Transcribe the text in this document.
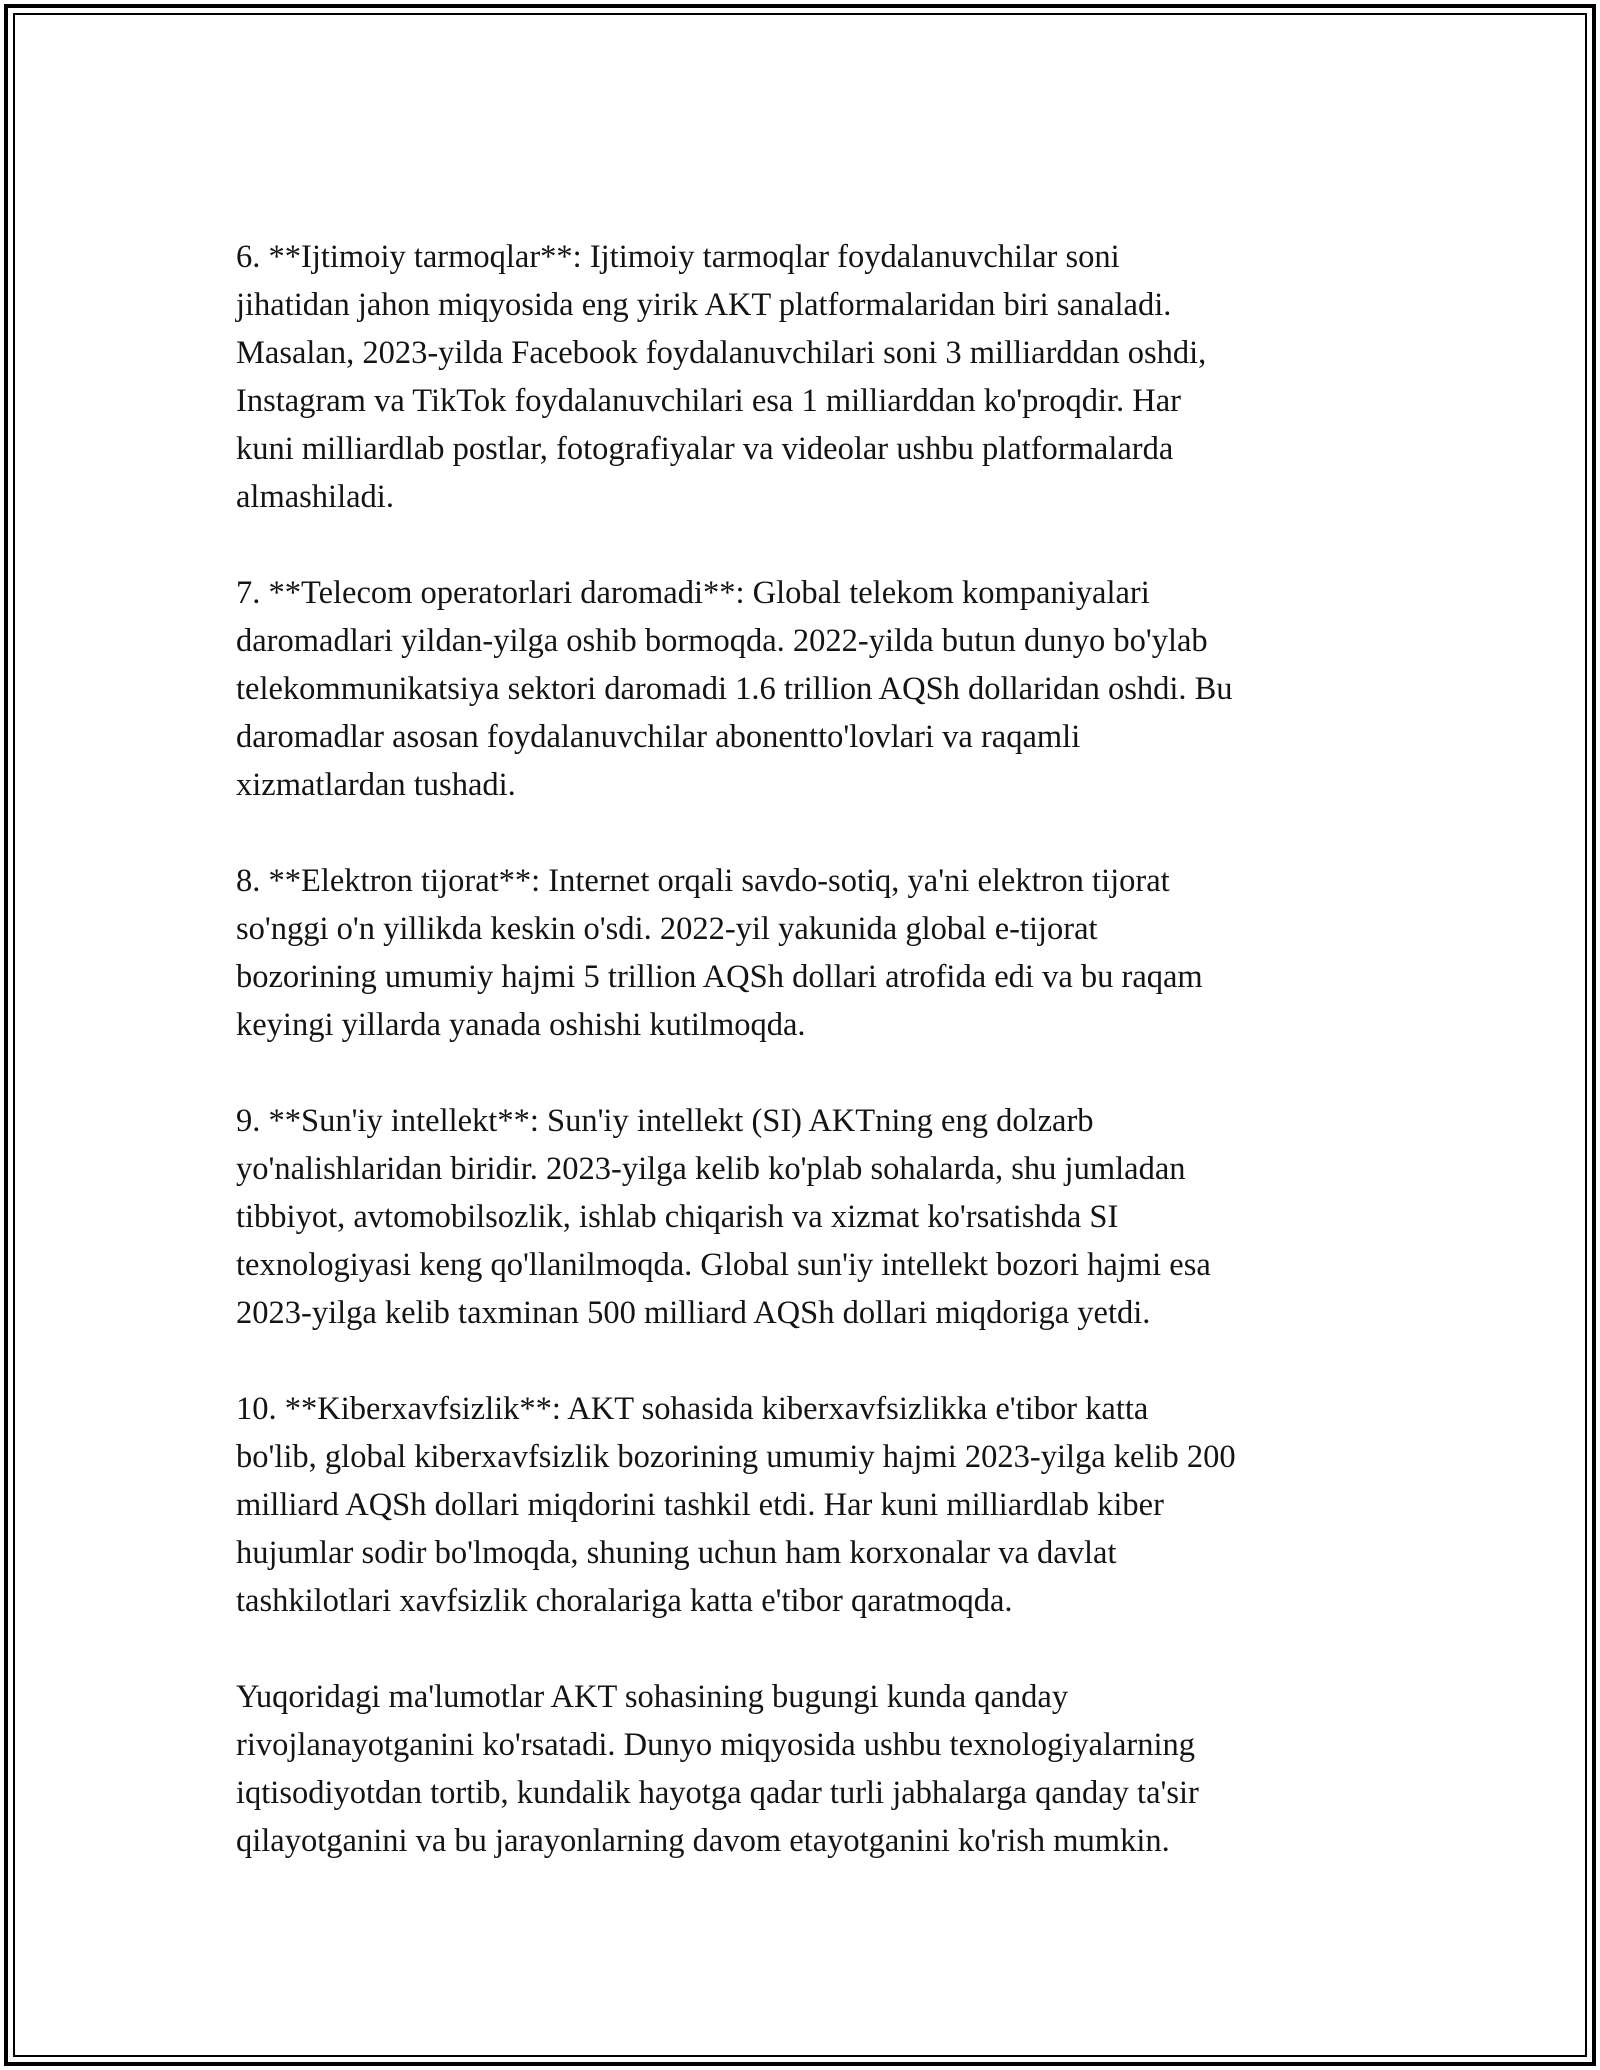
6. **Ijtimoiy tarmoqlar**: Ijtimoiy tarmoqlar foydalanuvchilar soni
jihatidan jahon miqyosida eng yirik AKT platformalaridan biri sanaladi.
Masalan, 2023-yilda Facebook foydalanuvchilari soni 3 milliarddan oshdi,
Instagram va TikTok foydalanuvchilari esa 1 milliarddan ko'proqdir. Har
kuni milliardlab postlar, fotografiyalar va videolar ushbu platformalarda
almashiladi.
7. **Telecom operatorlari daromadi**: Global telekom kompaniyalari
daromadlari yildan-yilga oshib bormoqda. 2022-yilda butun dunyo bo'ylab
telekommunikatsiya sektori daromadi 1.6 trillion AQSh dollaridan oshdi. Bu
daromadlar asosan foydalanuvchilar abonentto'lovlari va raqamli
xizmatlardan tushadi.
8. **Elektron tijorat**: Internet orqali savdo-sotiq, ya'ni elektron tijorat
so'nggi o'n yillikda keskin o'sdi. 2022-yil yakunida global e-tijorat
bozorining umumiy hajmi 5 trillion AQSh dollari atrofida edi va bu raqam
keyingi yillarda yanada oshishi kutilmoqda.
9. **Sun'iy intellekt**: Sun'iy intellekt (SI) AKTning eng dolzarb
yo'nalishlaridan biridir. 2023-yilga kelib ko'plab sohalarda, shu jumladan
tibbiyot, avtomobilsozlik, ishlab chiqarish va xizmat ko'rsatishda SI
texnologiyasi keng qo'llanilmoqda. Global sun'iy intellekt bozori hajmi esa
2023-yilga kelib taxminan 500 milliard AQSh dollari miqdoriga yetdi.
10. **Kiberxavfsizlik**: AKT sohasida kiberxavfsizlikka e'tibor katta
bo'lib, global kiberxavfsizlik bozorining umumiy hajmi 2023-yilga kelib 200
milliard AQSh dollari miqdorini tashkil etdi. Har kuni milliardlab kiber
hujumlar sodir bo'lmoqda, shuning uchun ham korxonalar va davlat
tashkilotlari xavfsizlik choralariga katta e'tibor qaratmoqda.
Yuqoridagi ma'lumotlar AKT sohasining bugungi kunda qanday
rivojlanayotganini ko'rsatadi. Dunyo miqyosida ushbu texnologiyalarning
iqtisodiyotdan tortib, kundalik hayotga qadar turli jabhalarga qanday ta'sir
qilayotganini va bu jarayonlarning davom etayotganini ko'rish mumkin.
